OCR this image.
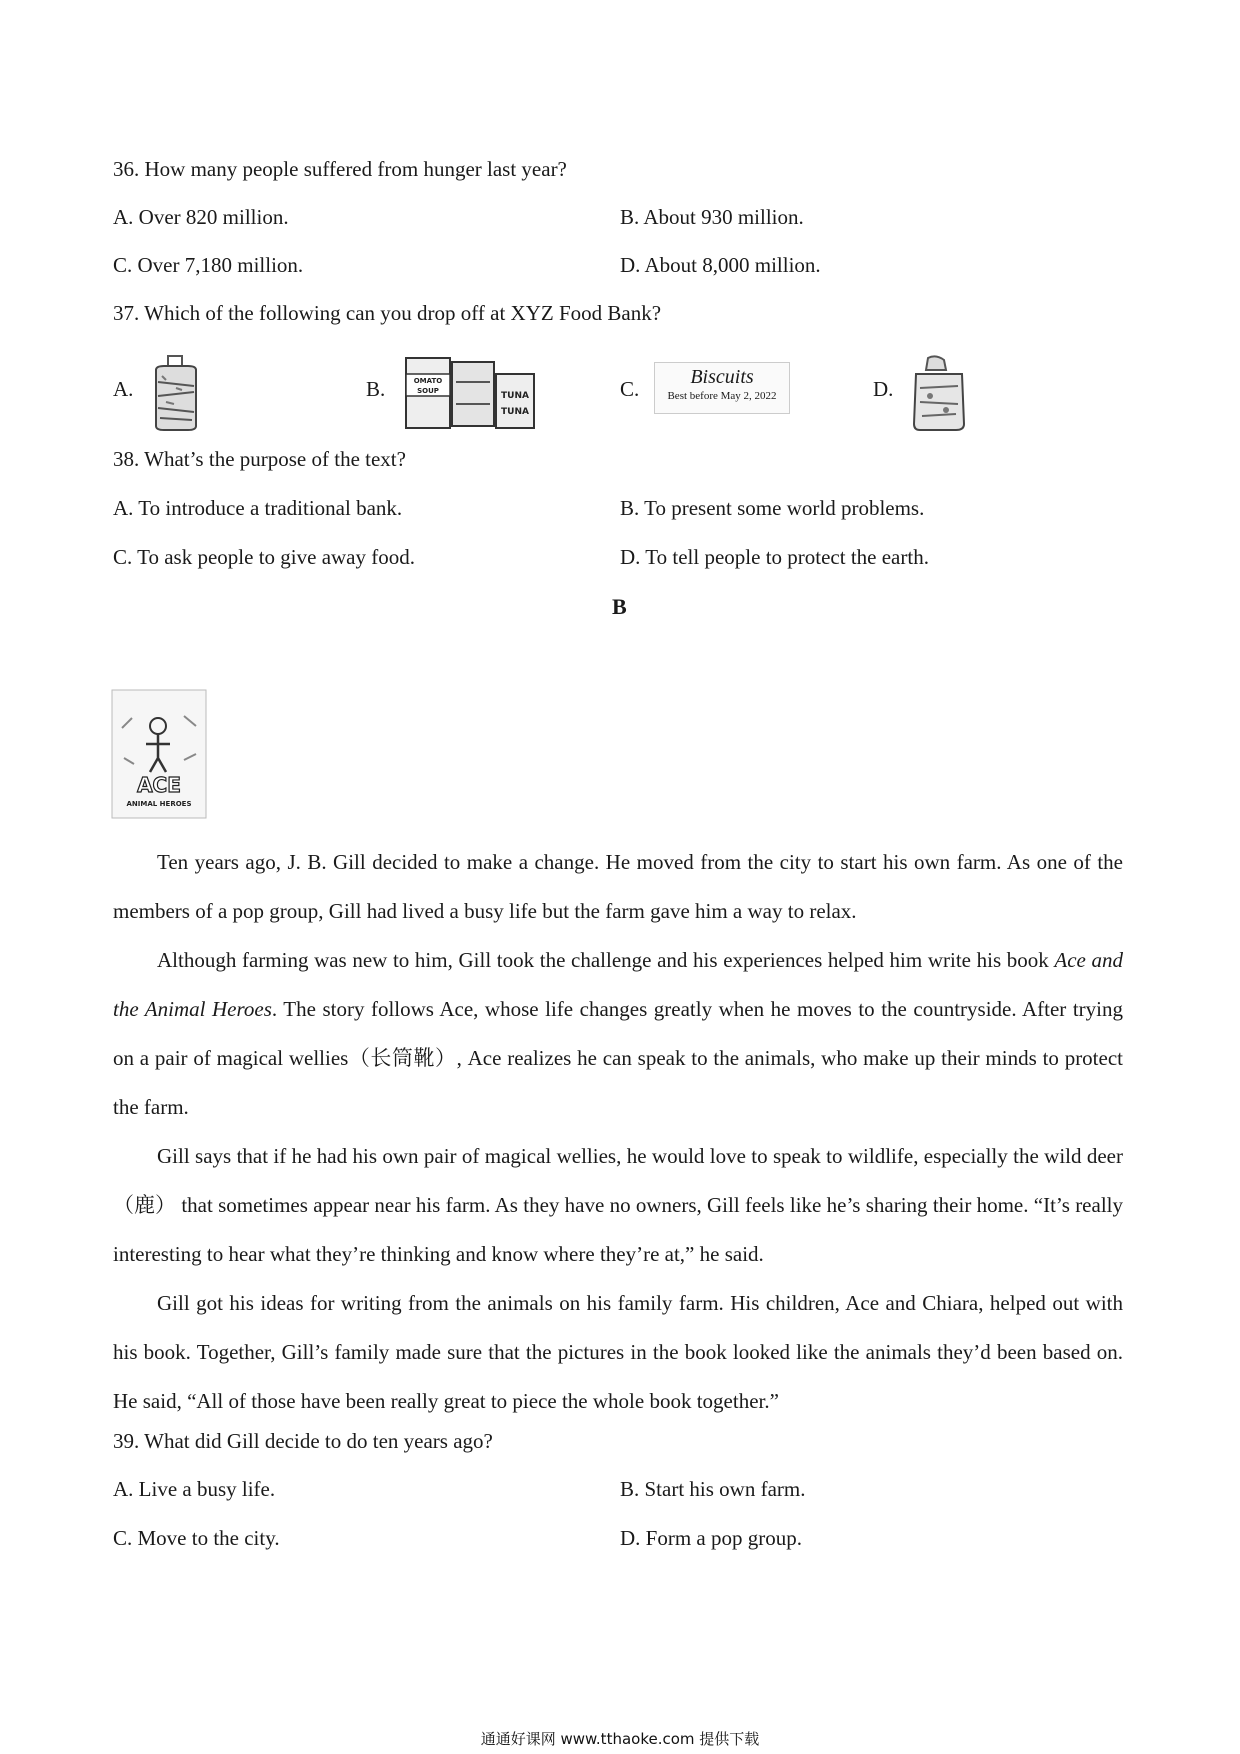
36. How many people suffered from hunger last year?
A. Over 820 million.	B. About 930 million.
C. Over 7,180 million.	D. About 8,000 million.
37. Which of the following can you drop off at XYZ Food Bank?
A.	B.	OMATO
SOUP	TUNA
TUNA
C.	Biscuits
Best before May 2, 2022	D.
38. What’s the purpose of the text?
A. To introduce a traditional bank.	B. To present some world problems.
C. To ask people to give away food.	D. To tell people to protect the earth.
B
ACE
ANIMAL HEROES
Ten years ago, J. B. Gill decided to make a change. He moved from the city to start his own farm. As one of the members of a pop group, Gill had lived a busy life but the farm gave him a way to relax.
Although farming was new to him, Gill took the challenge and his experiences helped him write his book Ace and the Animal Heroes. The story follows Ace, whose life changes greatly when he moves to the countryside. After trying on a pair of magical wellies（长筒靴）, Ace realizes he can speak to the animals, who make up their minds to protect the farm.
Gill says that if he had his own pair of magical wellies, he would love to speak to wildlife, especially the wild deer（鹿） that sometimes appear near his farm. As they have no owners, Gill feels like he’s sharing their home. “It’s really interesting to hear what they’re thinking and know where they’re at,” he said.
Gill got his ideas for writing from the animals on his family farm. His children, Ace and Chiara, helped out with his book. Together, Gill’s family made sure that the pictures in the book looked like the animals they’d been based on. He said, “All of those have been really great to piece the whole book together.”
39. What did Gill decide to do ten years ago?
A. Live a busy life.	B. Start his own farm.
C. Move to the city.	D. Form a pop group.
通通好课网 www.tthaoke.com 提供下载
